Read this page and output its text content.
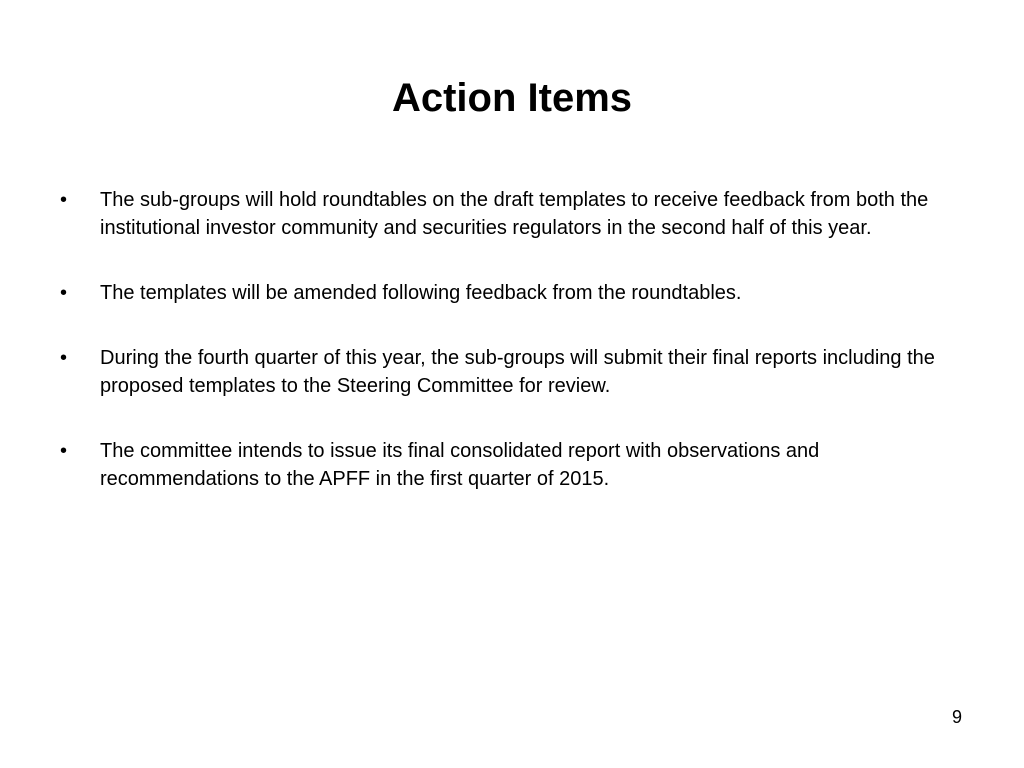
Action Items
•	The sub-groups will hold roundtables on the draft templates to receive feedback from both the institutional investor community and securities regulators in the second half of this year.
•	The templates will be amended following feedback from the roundtables.
•	During the fourth quarter of this year, the sub-groups will submit their final reports including the proposed templates to the Steering Committee for review.
•	The committee intends to issue its final consolidated report with observations and recommendations to the APFF in the first quarter of 2015.
9
